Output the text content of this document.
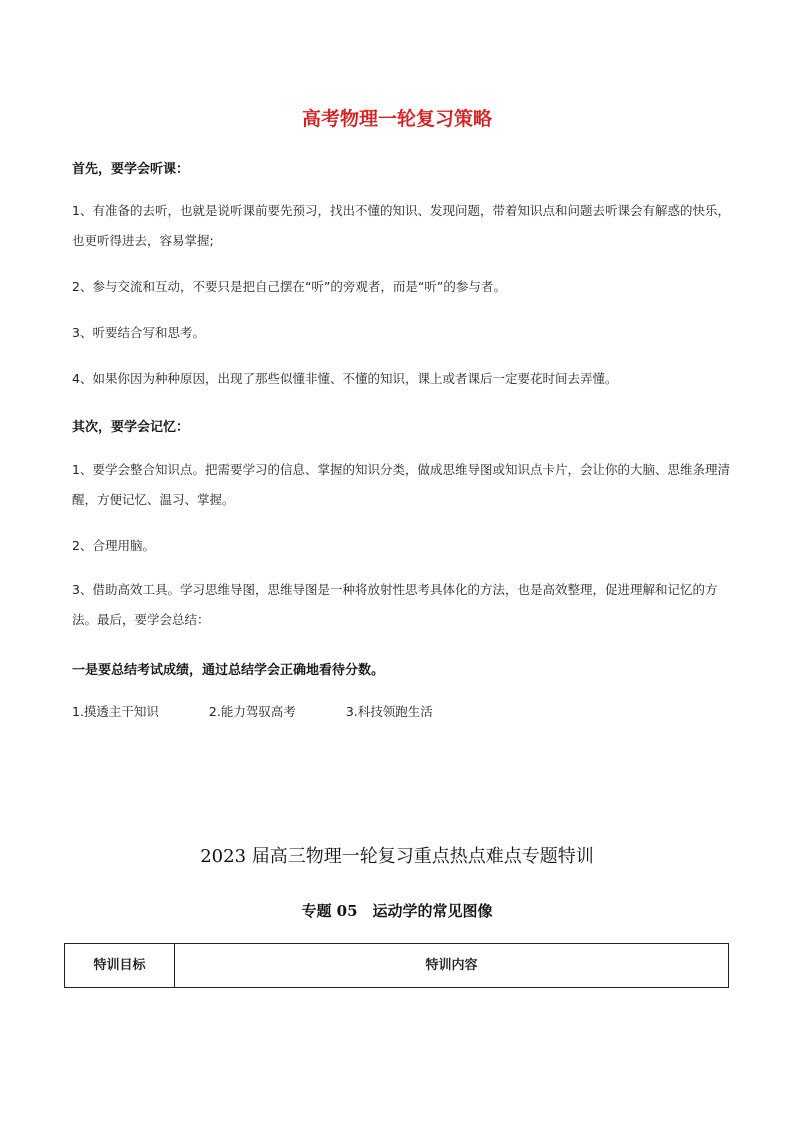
高考物理一轮复习策略
首先，要学会听课：
1、有准备的去听，也就是说听课前要先预习，找出不懂的知识、发现问题，带着知识点和问题去听课会有解惑的快乐，也更听得进去，容易掌握;
2、参与交流和互动，不要只是把自己摆在“听”的旁观者，而是“听”的参与者。
3、听要结合写和思考。
4、如果你因为种种原因，出现了那些似懂非懂、不懂的知识，课上或者课后一定要花时间去弄懂。
其次，要学会记忆：
1、要学会整合知识点。把需要学习的信息、掌握的知识分类，做成思维导图或知识点卡片，会让你的大脑、思维条理清醒，方便记忆、温习、掌握。
2、合理用脑。
3、借助高效工具。学习思维导图，思维导图是一种将放射性思考具体化的方法，也是高效整理，促进理解和记忆的方法。最后，要学会总结：
一是要总结考试成绩，通过总结学会正确地看待分数。
1.摸透主干知识	2.能力驾驭高考	3.科技领跑生活
2023 届高三物理一轮复习重点热点难点专题特训
专题 05　运动学的常见图像
特训目标	特训内容
